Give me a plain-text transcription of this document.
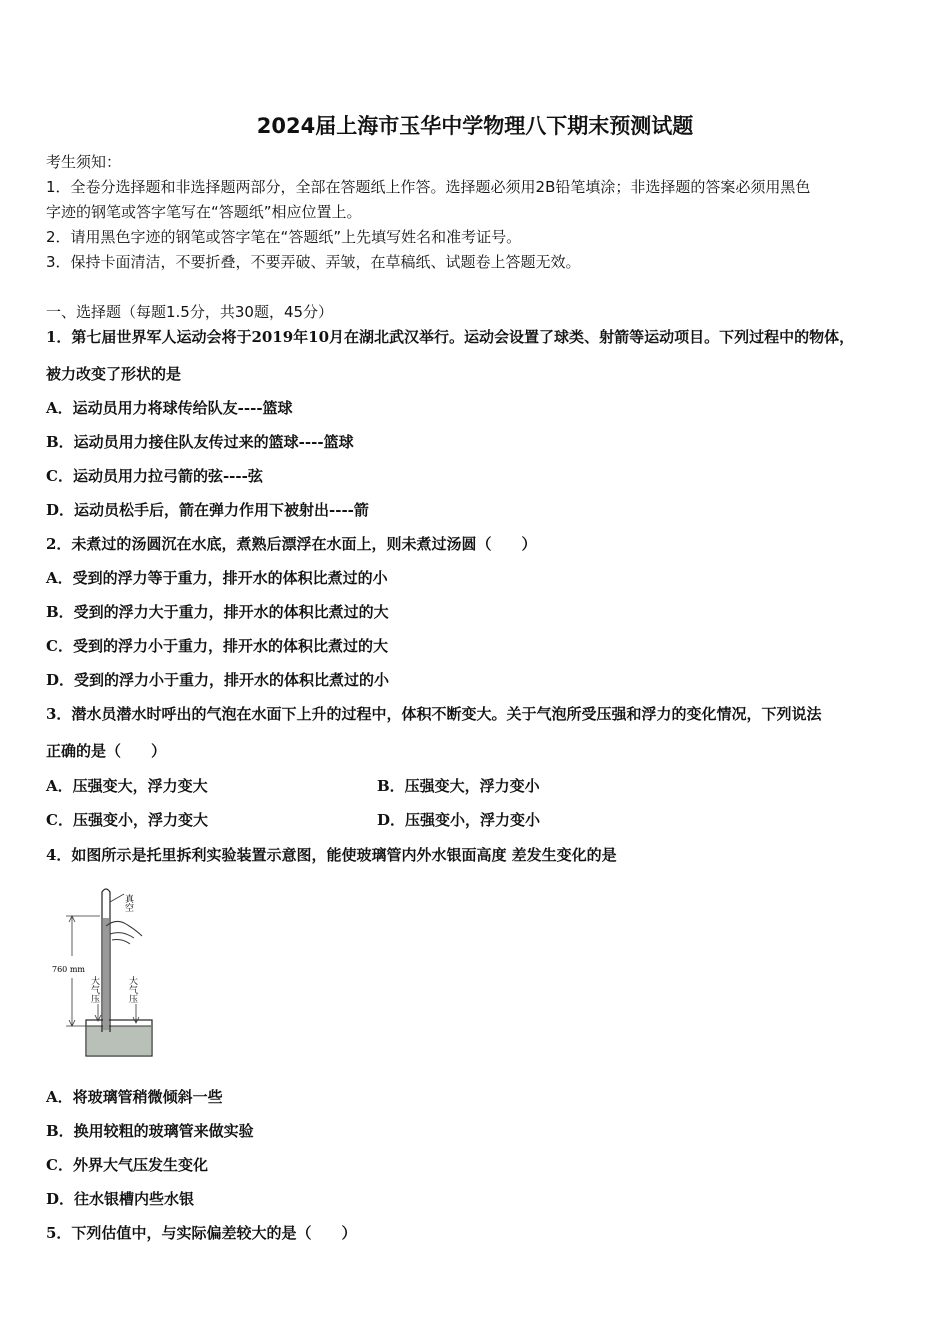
2024届上海市玉华中学物理八下期末预测试题
考生须知：
1．全卷分选择题和非选择题两部分，全部在答题纸上作答。选择题必须用2B铅笔填涂；非选择题的答案必须用黑色
字迹的钢笔或答字笔写在“答题纸”相应位置上。
2．请用黑色字迹的钢笔或答字笔在“答题纸”上先填写姓名和准考证号。
3．保持卡面清洁，不要折叠，不要弄破、弄皱，在草稿纸、试题卷上答题无效。
一、选择题（每题1.5分，共30题，45分）
1．第七届世界军人运动会将于2019年10月在湖北武汉举行。运动会设置了球类、射箭等运动项目。下列过程中的物体，
被力改变了形状的是
A．运动员用力将球传给队友----篮球
B．运动员用力接住队友传过来的篮球----篮球
C．运动员用力拉弓箭的弦----弦
D．运动员松手后，箭在弹力作用下被射出----箭
2．未煮过的汤圆沉在水底，煮熟后漂浮在水面上，则未煮过汤圆（　　）
A．受到的浮力等于重力，排开水的体积比煮过的小
B．受到的浮力大于重力，排开水的体积比煮过的大
C．受到的浮力小于重力，排开水的体积比煮过的大
D．受到的浮力小于重力，排开水的体积比煮过的小
3．潜水员潜水时呼出的气泡在水面下上升的过程中，体积不断变大。关于气泡所受压强和浮力的变化情况，下列说法
正确的是（　　）
A．压强变大，浮力变大	B．压强变大，浮力变小
C．压强变小，浮力变大	D．压强变小，浮力变小
4．如图所示是托里拆利实验装置示意图，能使玻璃管内外水银面高度 差发生变化的是
真空
760 mm
大气压	大气压
A．将玻璃管稍微倾斜一些
B．换用较粗的玻璃管来做实验
C．外界大气压发生变化
D．往水银槽内些水银
5．下列估值中，与实际偏差较大的是（　　）
